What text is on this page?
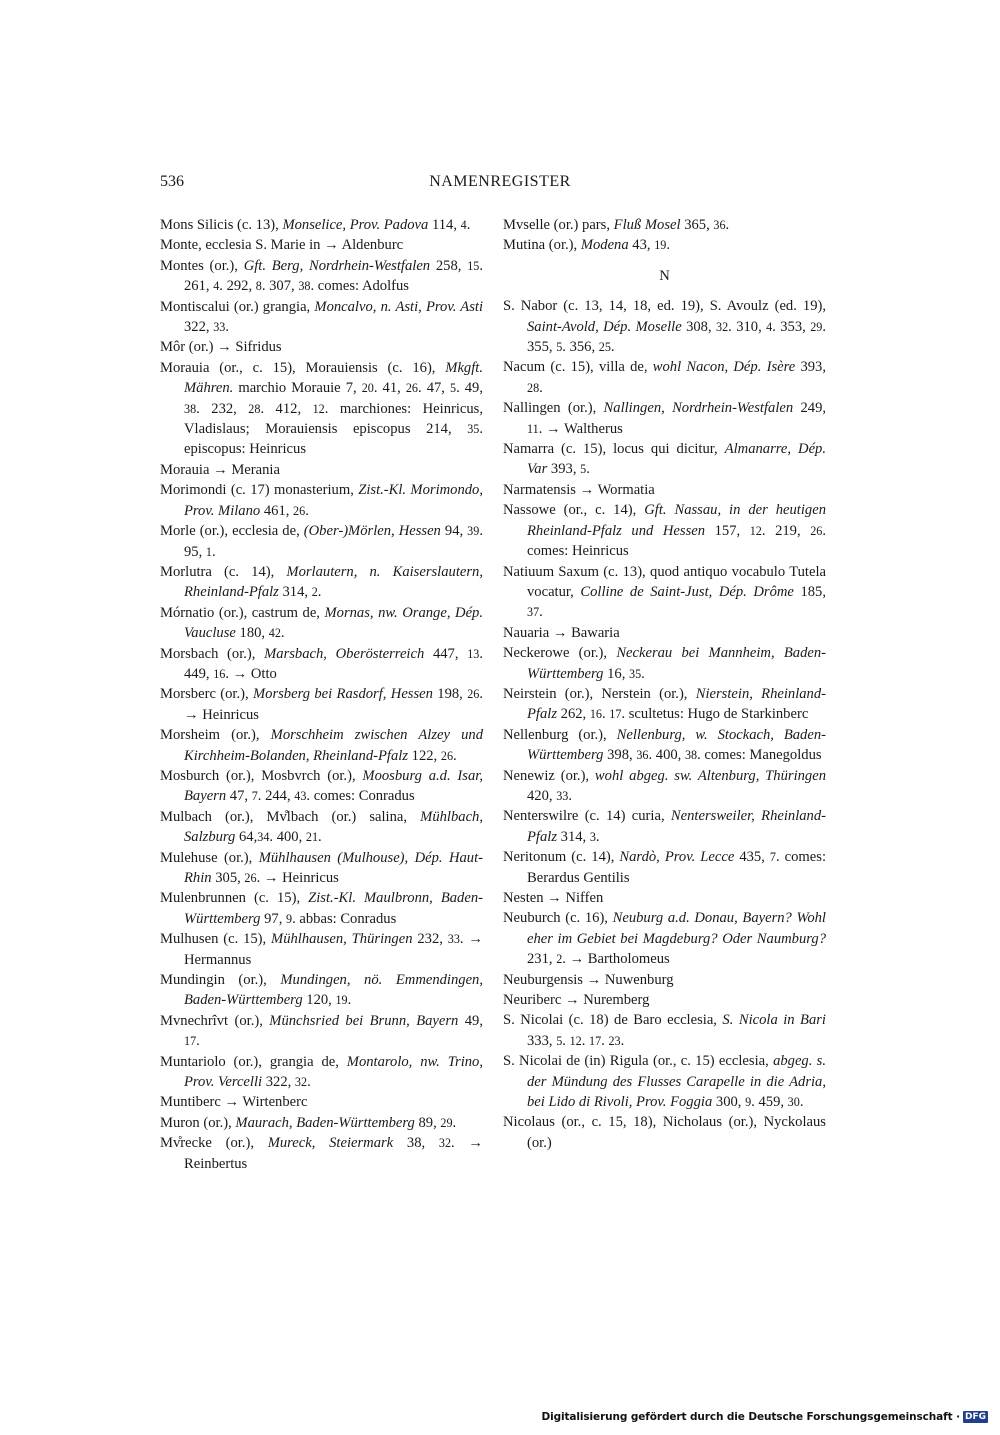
536	NAMENREGISTER

Mons Silicis (c. 13), Monselice, Prov. Padova 114, 4.

Monte, ecclesia S. Marie in → Aldenburc

Montes (or.), Gft. Berg, Nordrhein-Westfalen 258, 15. 261, 4. 292, 8. 307, 38. comes: Adolfus

Montiscalui (or.) grangia, Moncalvo, n. Asti, Prov. Asti 322, 33.

Môr (or.) → Sifridus

Morauia (or., c. 15), Morauiensis (c. 16), Mkgft. Mähren. marchio Morauie 7, 20. 41, 26. 47, 5. 49, 38. 232, 28. 412, 12. marchiones: Heinricus, Vladislaus; Morauiensis episcopus 214, 35. episcopus: Heinricus

Morauia → Merania

Morimondi (c. 17) monasterium, Zist.-Kl. Morimondo, Prov. Milano 461, 26.

Morle (or.), ecclesia de, (Ober-)Mörlen, Hessen 94, 39. 95, 1.

Morlutra (c. 14), Morlautern, n. Kaiserslautern, Rheinland-Pfalz 314, 2.

Mórnatio (or.), castrum de, Mornas, nw. Orange, Dép. Vaucluse 180, 42.

Morsbach (or.), Marsbach, Oberösterreich 447, 13. 449, 16. → Otto

Morsberc (or.), Morsberg bei Rasdorf, Hessen 198, 26. → Heinricus

Morsheim (or.), Morschheim zwischen Alzey und Kirchheim-Bolanden, Rheinland-Pfalz 122, 26.

Mosburch (or.), Mosbvrch (or.), Moosburg a.d. Isar, Bayern 47, 7. 244, 43. comes: Conradus

Mulbach (or.), Mv̊lbach (or.) salina, Mühlbach, Salzburg 64,34. 400, 21.

Mulehuse (or.), Mühlhausen (Mulhouse), Dép. Haut-Rhin 305, 26. → Heinricus

Mulenbrunnen (c. 15), Zist.-Kl. Maulbronn, Baden-Württemberg 97, 9. abbas: Conradus

Mulhusen (c. 15), Mühlhausen, Thüringen 232, 33. → Hermannus

Mundingin (or.), Mundingen, nö. Emmendingen, Baden-Württemberg 120, 19.

Mvnechrîvt (or.), Münchsried bei Brunn, Bayern 49, 17.

Muntariolo (or.), grangia de, Montarolo, nw. Trino, Prov. Vercelli 322, 32.

Muntiberc → Wirtenberc

Muron (or.), Maurach, Baden-Württemberg 89, 29.

Mv̊recke (or.), Mureck, Steiermark 38, 32. → Reinbertus

Mvselle (or.) pars, Fluß Mosel 365, 36.

Mutina (or.), Modena 43, 19.

N

S. Nabor (c. 13, 14, 18, ed. 19), S. Avoulz (ed. 19), Saint-Avold, Dép. Moselle 308, 32. 310, 4. 353, 29. 355, 5. 356, 25.

Nacum (c. 15), villa de, wohl Nacon, Dép. Isère 393, 28.

Nallingen (or.), Nallingen, Nordrhein-Westfalen 249, 11. → Waltherus

Namarra (c. 15), locus qui dicitur, Almanarre, Dép. Var 393, 5.

Narmatensis → Wormatia

Nassowe (or., c. 14), Gft. Nassau, in der heutigen Rheinland-Pfalz und Hessen 157, 12. 219, 26. comes: Heinricus

Natiuum Saxum (c. 13), quod antiquo vocabulo Tutela vocatur, Colline de Saint-Just, Dép. Drôme 185, 37.

Nauaria → Bawaria

Neckerowe (or.), Neckerau bei Mannheim, Baden-Württemberg 16, 35.

Neirstein (or.), Nerstein (or.), Nierstein, Rheinland-Pfalz 262, 16. 17. scultetus: Hugo de Starkinberc

Nellenburg (or.), Nellenburg, w. Stockach, Baden-Württemberg 398, 36. 400, 38. comes: Manegoldus

Nenewiz (or.), wohl abgeg. sw. Altenburg, Thüringen 420, 33.

Nenterswilre (c. 14) curia, Nentersweiler, Rheinland-Pfalz 314, 3.

Neritonum (c. 14), Nardò, Prov. Lecce 435, 7. comes: Berardus Gentilis

Nesten → Niffen

Neuburch (c. 16), Neuburg a.d. Donau, Bayern? Wohl eher im Gebiet bei Magdeburg? Oder Naumburg? 231, 2. → Bartholomeus

Neuburgensis → Nuwenburg

Neuriberc → Nuremberg

S. Nicolai (c. 18) de Baro ecclesia, S. Nicola in Bari 333, 5. 12. 17. 23.

S. Nicolai de (in) Rigula (or., c. 15) ecclesia, abgeg. s. der Mündung des Flusses Carapelle in die Adria, bei Lido di Rivoli, Prov. Foggia 300, 9. 459, 30.

Nicolaus (or., c. 15, 18), Nicholaus (or.), Nyckolaus (or.)

Digitalisierung gefördert durch die Deutsche Forschungsgemeinschaft · DFG
